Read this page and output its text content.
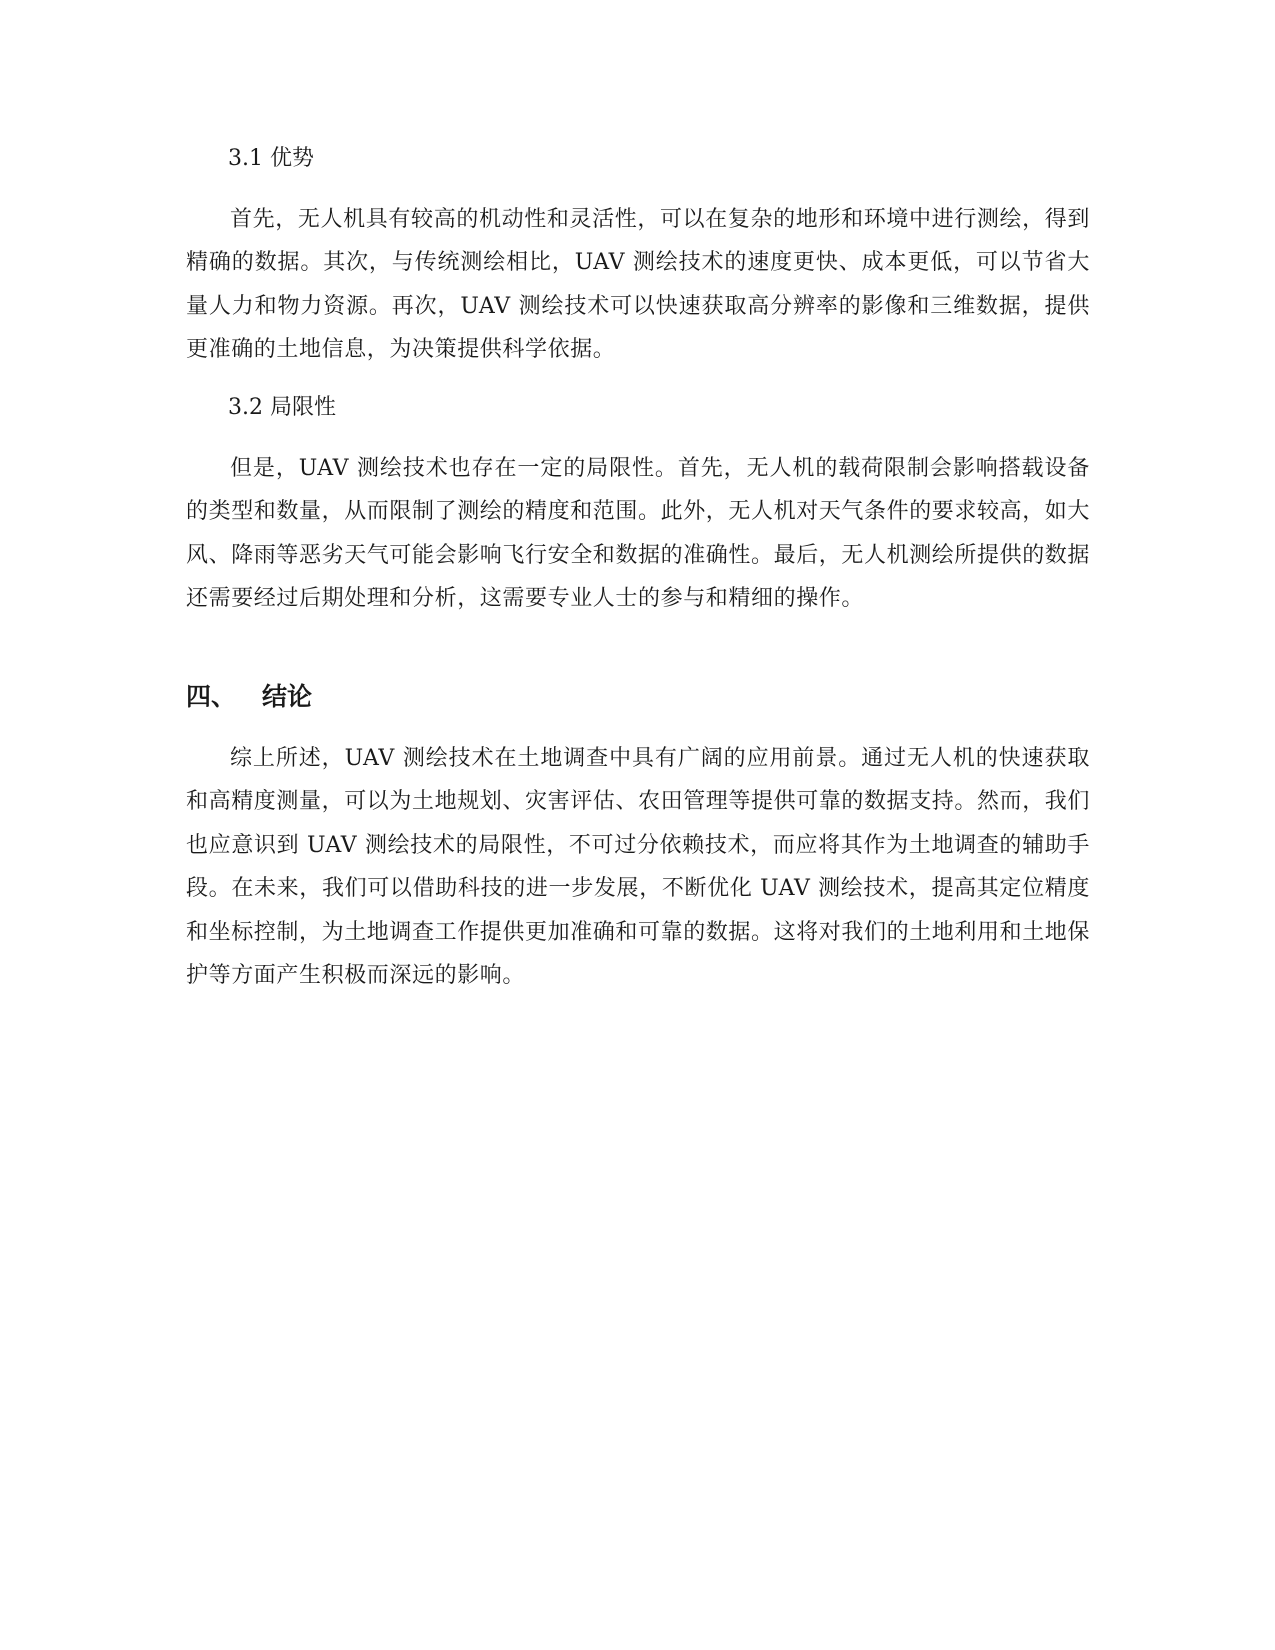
3.1 优势

首先，无人机具有较高的机动性和灵活性，可以在复杂的地形和环境中进行测绘，得到精确的数据。其次，与传统测绘相比，UAV 测绘技术的速度更快、成本更低，可以节省大量人力和物力资源。再次，UAV 测绘技术可以快速获取高分辨率的影像和三维数据，提供更准确的土地信息，为决策提供科学依据。

3.2 局限性

但是，UAV 测绘技术也存在一定的局限性。首先，无人机的载荷限制会影响搭载设备的类型和数量，从而限制了测绘的精度和范围。此外，无人机对天气条件的要求较高，如大风、降雨等恶劣天气可能会影响飞行安全和数据的准确性。最后，无人机测绘所提供的数据还需要经过后期处理和分析，这需要专业人士的参与和精细的操作。

四、 结论

综上所述，UAV 测绘技术在土地调查中具有广阔的应用前景。通过无人机的快速获取和高精度测量，可以为土地规划、灾害评估、农田管理等提供可靠的数据支持。然而，我们也应意识到 UAV 测绘技术的局限性，不可过分依赖技术，而应将其作为土地调查的辅助手段。在未来，我们可以借助科技的进一步发展，不断优化 UAV 测绘技术，提高其定位精度和坐标控制，为土地调查工作提供更加准确和可靠的数据。这将对我们的土地利用和土地保护等方面产生积极而深远的影响。
